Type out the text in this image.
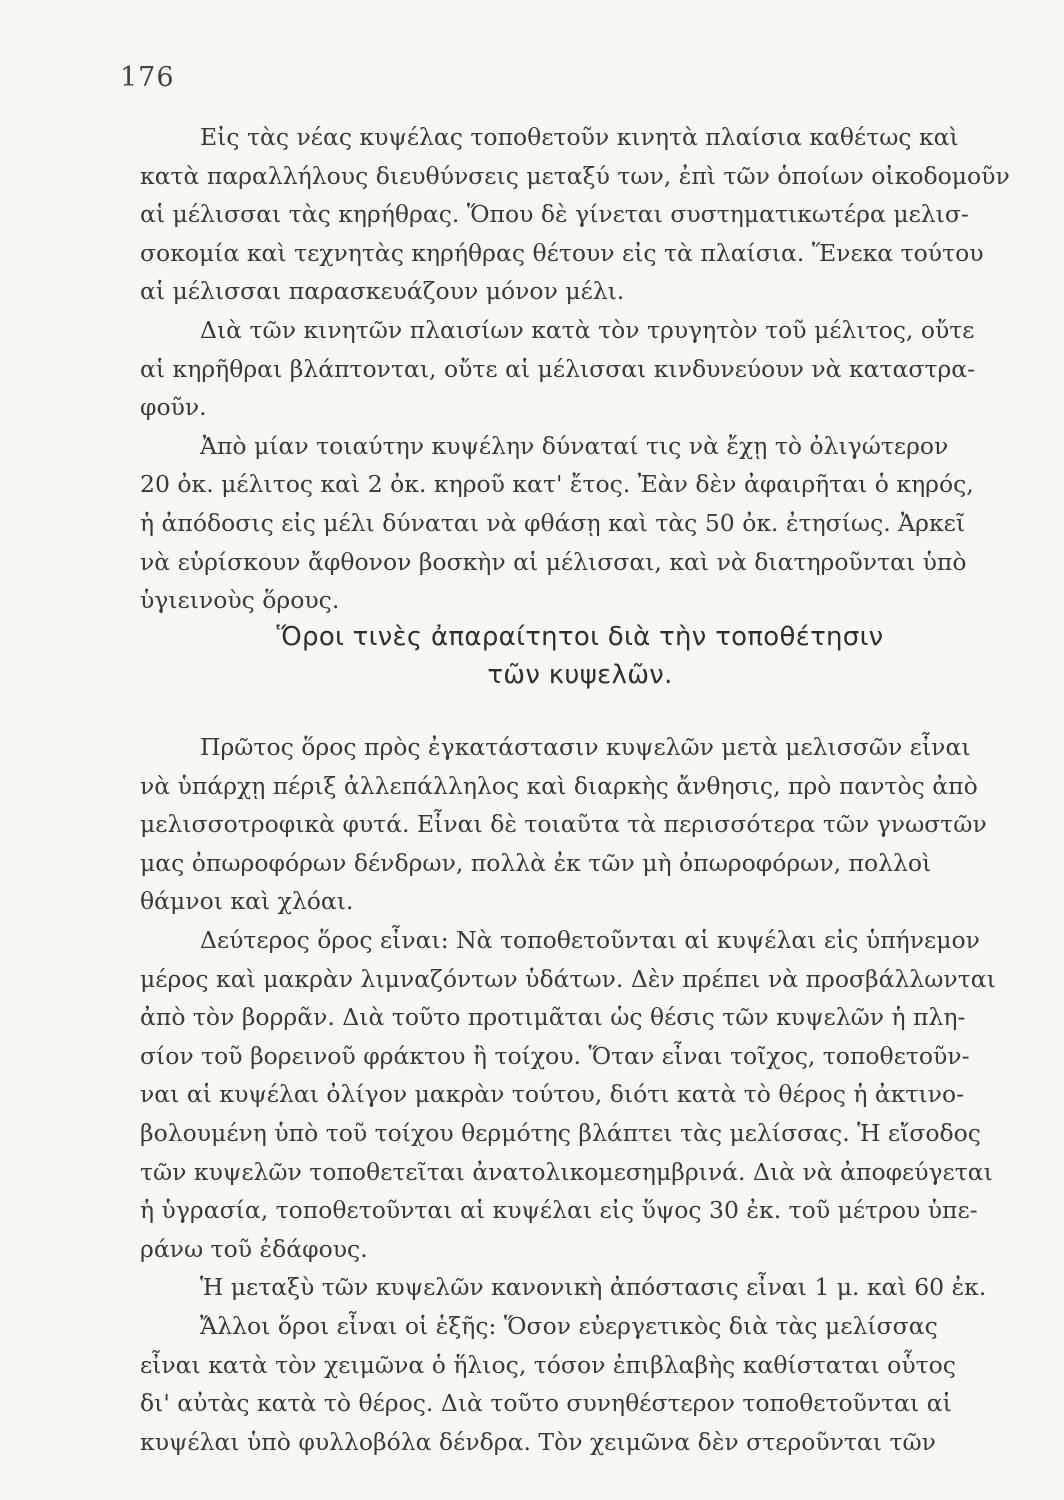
176

Εἰς τὰς νέας κυψέλας τοποθετοῦν κινητὰ πλαίσια καθέτως καὶ
κατὰ παραλλήλους διευθύνσεις μεταξύ των, ἐπὶ τῶν ὁποίων οἰκοδομοῦν
αἱ μέλισσαι τὰς κηρήθρας. Ὅπου δὲ γίνεται συστηματικωτέρα μελισ-
σοκομία καὶ τεχνητὰς κηρήθρας θέτουν εἰς τὰ πλαίσια. Ἕνεκα τούτου
αἱ μέλισσαι παρασκευάζουν μόνον μέλι.

Διὰ τῶν κινητῶν πλαισίων κατὰ τὸν τρυγητὸν τοῦ μέλιτος, οὔτε
αἱ κηρῆθραι βλάπτονται, οὔτε αἱ μέλισσαι κινδυνεύουν νὰ καταστρα-
φοῦν.

Ἀπὸ μίαν τοιαύτην κυψέλην δύναταί τις νὰ ἔχῃ τὸ ὀλιγώτερον
20 ὀκ. μέλιτος καὶ 2 ὀκ. κηροῦ κατ' ἔτος. Ἐὰν δὲν ἀφαιρῆται ὁ κηρός,
ἡ ἀπόδοσις εἰς μέλι δύναται νὰ φθάσῃ καὶ τὰς 50 ὀκ. ἐτησίως. Ἀρκεῖ
νὰ εὑρίσκουν ἄφθονον βοσκὴν αἱ μέλισσαι, καὶ νὰ διατηροῦνται ὑπὸ
ὑγιεινοὺς ὅρους.

Ὅροι τινὲς ἀπαραίτητοι διὰ τὴν τοποθέτησιν
τῶν κυψελῶν.

Πρῶτος ὅρος πρὸς ἐγκατάστασιν κυψελῶν μετὰ μελισσῶν εἶναι
νὰ ὑπάρχῃ πέριξ ἀλλεπάλληλος καὶ διαρκὴς ἄνθησις, πρὸ παντὸς ἀπὸ
μελισσοτροφικὰ φυτά. Εἶναι δὲ τοιαῦτα τὰ περισσότερα τῶν γνωστῶν
μας ὀπωροφόρων δένδρων, πολλὰ ἐκ τῶν μὴ ὀπωροφόρων, πολλοὶ
θάμνοι καὶ χλόαι.

Δεύτερος ὅρος εἶναι: Νὰ τοποθετοῦνται αἱ κυψέλαι εἰς ὑπήνεμον
μέρος καὶ μακρὰν λιμναζόντων ὑδάτων. Δὲν πρέπει νὰ προσβάλλωνται
ἀπὸ τὸν βορρᾶν. Διὰ τοῦτο προτιμᾶται ὡς θέσις τῶν κυψελῶν ἡ πλη-
σίον τοῦ βορεινοῦ φράκτου ἢ τοίχου. Ὅταν εἶναι τοῖχος, τοποθετοῦν-
ναι αἱ κυψέλαι ὀλίγον μακρὰν τούτου, διότι κατὰ τὸ θέρος ἡ ἀκτινο-
βολουμένη ὑπὸ τοῦ τοίχου θερμότης βλάπτει τὰς μελίσσας. Ἡ εἴσοδος
τῶν κυψελῶν τοποθετεῖται ἀνατολικομεσημβρινά. Διὰ νὰ ἀποφεύγεται
ἡ ὑγρασία, τοποθετοῦνται αἱ κυψέλαι εἰς ὕψος 30 ἐκ. τοῦ μέτρου ὑπε-
ράνω τοῦ ἐδάφους.

Ἡ μεταξὺ τῶν κυψελῶν κανονικὴ ἀπόστασις εἶναι 1 μ. καὶ 60 ἐκ.

Ἄλλοι ὅροι εἶναι οἱ ἑξῆς: Ὅσον εὐεργετικὸς διὰ τὰς μελίσσας
εἶναι κατὰ τὸν χειμῶνα ὁ ἥλιος, τόσον ἐπιβλαβὴς καθίσταται οὗτος
δι' αὐτὰς κατὰ τὸ θέρος. Διὰ τοῦτο συνηθέστερον τοποθετοῦνται αἱ
κυψέλαι ὑπὸ φυλλοβόλα δένδρα. Τὸν χειμῶνα δὲν στεροῦνται τῶν
